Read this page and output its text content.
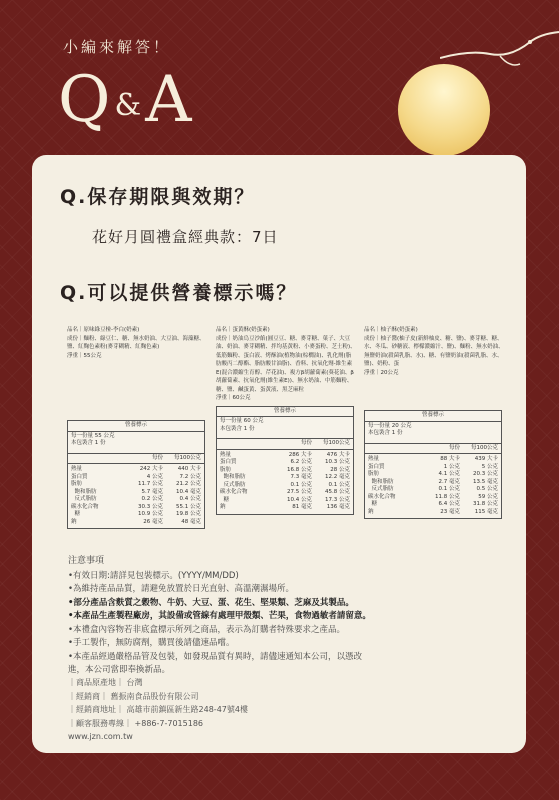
小編來解答！
Q&A
Q.保存期限與效期？
花好月圓禮盒經典款：7日
Q.可以提供營養標示嗎？
品名｜原味綠豆椪-李白(奶素)
成份｜麵粉、綠豆仁、糖、無水奶油、大豆油、海藻糖、鹽、紅麴色素粉(麥芽糊精、紅麴色素)
淨重｜55公克
營養標示
每一份量 55 公克
本包裝含 1 份
每份	每100公克
熱量	242 大卡	440 大卡
蛋白質	4 公克	7.2 公克
脂肪	11.7 公克	21.2 公克
飽和脂肪	5.7 毫克	10.4 毫克
反式脂肪	0.2 公克	0.4 公克
碳水化合物	30.3 公克	55.1 公克
糖	10.9 公克	19.8 公克
鈉	26 毫克	48 毫克
品名｜蛋黃酥(奶蛋素)
成份｜奶油烏豆沙餡(圓豆豆、糖、麥芽糖、菓子、大豆油、奶油、麥芽糊精、拌均基黃粉、小麥蛋粉、芝士粉)、低筋麵粉、蛋白液、烤酥油(植物油(棕櫚油)、乳化劑(脂肪酸丙二醇酯、脂肪酸甘油脂)、香料、抗氧化劑-維生素E(混合濃縮生育醇、芹花油)、複方β胡蘿蔔素(葵花油、β胡蘿蔔素、抗氧化劑(維生素E))、無水奶油、中筋麵粉、糖、鹽、鹹蛋黃、蛋黃液、黑芝麻粒
淨重｜60公克
營養標示
每一份量 60 公克
本包裝含 1 份
每份	每100公克
熱量	286 大卡	476 大卡
蛋白質	6.2 公克	10.3 公克
脂肪	16.8 公克	28 公克
飽和脂肪	7.3 毫克	12.2 毫克
反式脂肪	0.1 公克	0.1 公克
碳水化合物	27.5 公克	45.8 公克
糖	10.4 公克	17.3 公克
鈉	81 毫克	136 毫克
品名｜柚子酥(奶蛋素)
成份｜柚子醬(柚子皮(新鮮柚皮、糖、鹽)、麥芽糖、糖、水、冬瓜、砂糖液、檸檬濃縮汁、鹽)、麵粉、無水奶油、無鹽奶油(殺菌乳脂、水)、糖、有鹽奶油(殺菌乳脂、水、鹽)、奶粉、蛋
淨重｜20公克
營養標示
每一份量 20 公克
本包裝含 1 份
每份	每100公克
熱量	88 大卡	439 大卡
蛋白質	1 公克	5 公克
脂肪	4.1 公克	20.3 公克
飽和脂肪	2.7 毫克	13.5 毫克
反式脂肪	0.1 公克	0.5 公克
碳水化合物	11.8 公克	59 公克
糖	6.4 公克	31.8 公克
鈉	23 毫克	115 毫克
注意事項
•有效日期:請詳見包裝標示。(YYYY/MM/DD)
•為維持產品品質，請避免放置於日光直射、高溫潮濕場所。
•部分產品含麩質之穀物、牛奶、大豆、蛋、花生、堅果類、芝麻及其製品。
•本產品生產製程廠房，其設備或管線有處理甲殼類、芒果，食物過敏者請留意。
•本禮盒內容物若非底盒標示所列之商品，表示為訂購者特殊要求之產品。
•手工製作，無防腐劑，購買後請儘速品嚐。
•本產品經過嚴格品管及包裝，如發現品質有異時，請儘速通知本公司，以憑改
進，本公司當即奉換新品。
｜商品原產地｜ 台灣
｜經銷商｜ 舊振南食品股份有限公司
｜經銷商地址｜ 高雄市前鎮區新生路248-47號4樓
｜顧客服務專線｜ +886-7-7015186
www.jzn.com.tw
